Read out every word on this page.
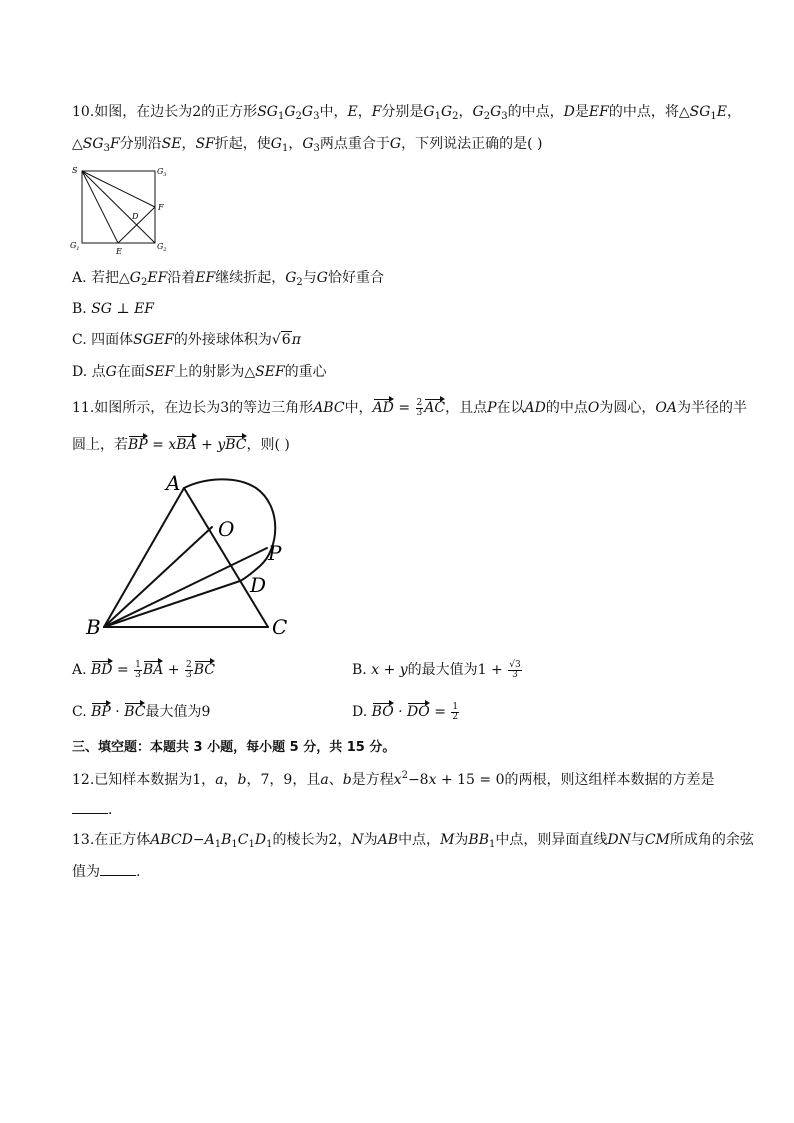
10.如图，在边长为2的正方形$SG_1G_2G_3$中，E，F分别是$G_1G_2$，$G_2G_3$的中点，D是EF的中点，将$\triangle SG_1E$，
$\triangle SG_3F$分别沿SE，SF折起，使$G_1$，$G_3$两点重合于G，下列说法正确的是( )
S	$G_3$
F
D
$G_1$	E
$G_2$
A. 若把$\triangle G_2EF$沿着EF继续折起，$G_2$与G恰好重合
B. SG ⊥ EF
C. 四面体SGEF的外接球体积为√6π
D. 点G在面SEF上的射影为△SEF的重心
11.如图所示，在边长为3的等边三角形ABC中，AD = $\frac{2}{3}$ AC，且点P在以AD的中点O为圆心，OA为半径的半
圆上，若BP = xBA + yBC，则( )
A
O
P
D
B	C
A. BD = $\frac{1}{3}$ BA + $\frac{2}{3}$ BC	B. x + y的最大值为$1 + \frac{√3}{3}$
C. BP · BC最大值为9	D. BO · DO = $\frac{1}{2}$
三、填空题：本题共 3 小题，每小题 5 分，共 15 分。
12.已知样本数据为1，a，b，7，9，且a、b是方程$x^2-8x + 15 = 0$的两根，则这组样本数据的方差是
.
13.在正方体$ABCD-A_1B_1C_1D_1$的棱长为2，N为AB中点，M为$BB_1$中点，则异面直线DN与CM所成角的余弦
值为	.
